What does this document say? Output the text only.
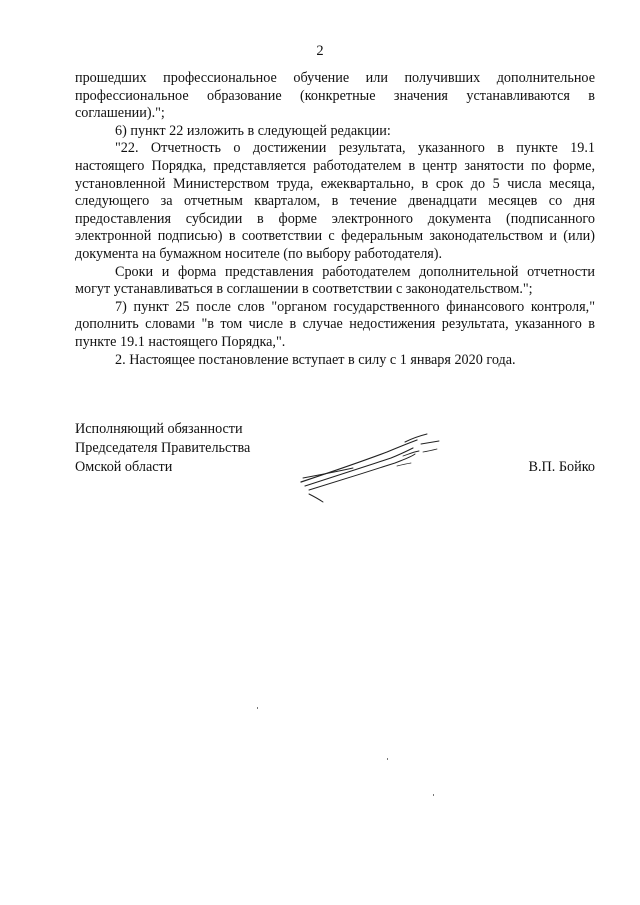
2

прошедших профессиональное обучение или получивших дополнительное профессиональное образование (конкретные значения устанавливаются в соглашении).";

6) пункт 22 изложить в следующей редакции:

"22. Отчетность о достижении результата, указанного в пункте 19.1 настоящего Порядка, представляется работодателем в центр занятости по форме, установленной Министерством труда, ежеквартально, в срок до 5 числа месяца, следующего за отчетным кварталом, в течение двенадцати месяцев со дня предоставления субсидии в форме электронного документа (подписанного электронной подписью) в соответствии с федеральным законодательством и (или) документа на бумажном носителе (по выбору работодателя).

Сроки и форма представления работодателем дополнительной отчетности могут устанавливаться в соглашении в соответствии с законодательством.";

7) пункт 25 после слов "органом государственного финансового контроля," дополнить словами "в том числе в случае недостижения результата, указанного в пункте 19.1 настоящего Порядка,".

2. Настоящее постановление вступает в силу с 1 января 2020 года.

Исполняющий обязанности
Председателя Правительства
Омской области	В.П. Бойко
